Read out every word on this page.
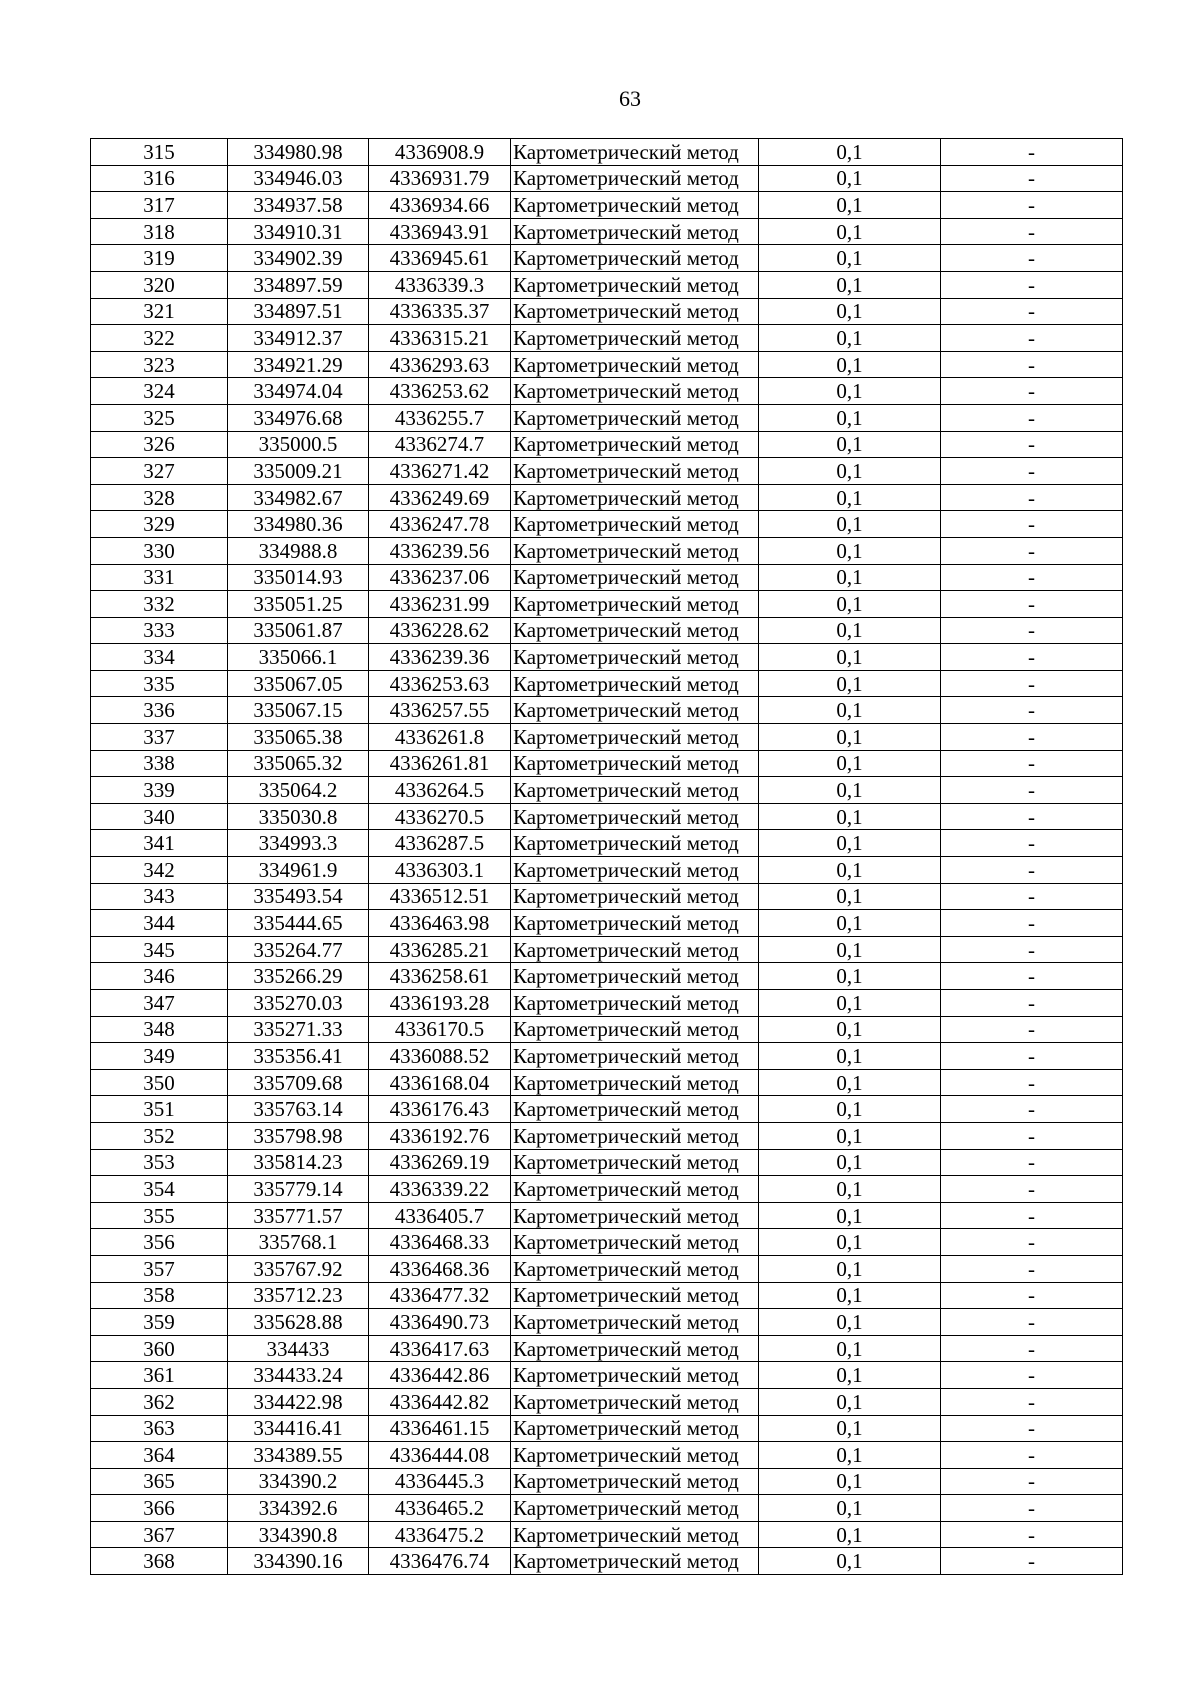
63
315	334980.98	4336908.9	Картометрический метод	0,1	-
316	334946.03	4336931.79	Картометрический метод	0,1	-
317	334937.58	4336934.66	Картометрический метод	0,1	-
318	334910.31	4336943.91	Картометрический метод	0,1	-
319	334902.39	4336945.61	Картометрический метод	0,1	-
320	334897.59	4336339.3	Картометрический метод	0,1	-
321	334897.51	4336335.37	Картометрический метод	0,1	-
322	334912.37	4336315.21	Картометрический метод	0,1	-
323	334921.29	4336293.63	Картометрический метод	0,1	-
324	334974.04	4336253.62	Картометрический метод	0,1	-
325	334976.68	4336255.7	Картометрический метод	0,1	-
326	335000.5	4336274.7	Картометрический метод	0,1	-
327	335009.21	4336271.42	Картометрический метод	0,1	-
328	334982.67	4336249.69	Картометрический метод	0,1	-
329	334980.36	4336247.78	Картометрический метод	0,1	-
330	334988.8	4336239.56	Картометрический метод	0,1	-
331	335014.93	4336237.06	Картометрический метод	0,1	-
332	335051.25	4336231.99	Картометрический метод	0,1	-
333	335061.87	4336228.62	Картометрический метод	0,1	-
334	335066.1	4336239.36	Картометрический метод	0,1	-
335	335067.05	4336253.63	Картометрический метод	0,1	-
336	335067.15	4336257.55	Картометрический метод	0,1	-
337	335065.38	4336261.8	Картометрический метод	0,1	-
338	335065.32	4336261.81	Картометрический метод	0,1	-
339	335064.2	4336264.5	Картометрический метод	0,1	-
340	335030.8	4336270.5	Картометрический метод	0,1	-
341	334993.3	4336287.5	Картометрический метод	0,1	-
342	334961.9	4336303.1	Картометрический метод	0,1	-
343	335493.54	4336512.51	Картометрический метод	0,1	-
344	335444.65	4336463.98	Картометрический метод	0,1	-
345	335264.77	4336285.21	Картометрический метод	0,1	-
346	335266.29	4336258.61	Картометрический метод	0,1	-
347	335270.03	4336193.28	Картометрический метод	0,1	-
348	335271.33	4336170.5	Картометрический метод	0,1	-
349	335356.41	4336088.52	Картометрический метод	0,1	-
350	335709.68	4336168.04	Картометрический метод	0,1	-
351	335763.14	4336176.43	Картометрический метод	0,1	-
352	335798.98	4336192.76	Картометрический метод	0,1	-
353	335814.23	4336269.19	Картометрический метод	0,1	-
354	335779.14	4336339.22	Картометрический метод	0,1	-
355	335771.57	4336405.7	Картометрический метод	0,1	-
356	335768.1	4336468.33	Картометрический метод	0,1	-
357	335767.92	4336468.36	Картометрический метод	0,1	-
358	335712.23	4336477.32	Картометрический метод	0,1	-
359	335628.88	4336490.73	Картометрический метод	0,1	-
360	334433	4336417.63	Картометрический метод	0,1	-
361	334433.24	4336442.86	Картометрический метод	0,1	-
362	334422.98	4336442.82	Картометрический метод	0,1	-
363	334416.41	4336461.15	Картометрический метод	0,1	-
364	334389.55	4336444.08	Картометрический метод	0,1	-
365	334390.2	4336445.3	Картометрический метод	0,1	-
366	334392.6	4336465.2	Картометрический метод	0,1	-
367	334390.8	4336475.2	Картометрический метод	0,1	-
368	334390.16	4336476.74	Картометрический метод	0,1	-
